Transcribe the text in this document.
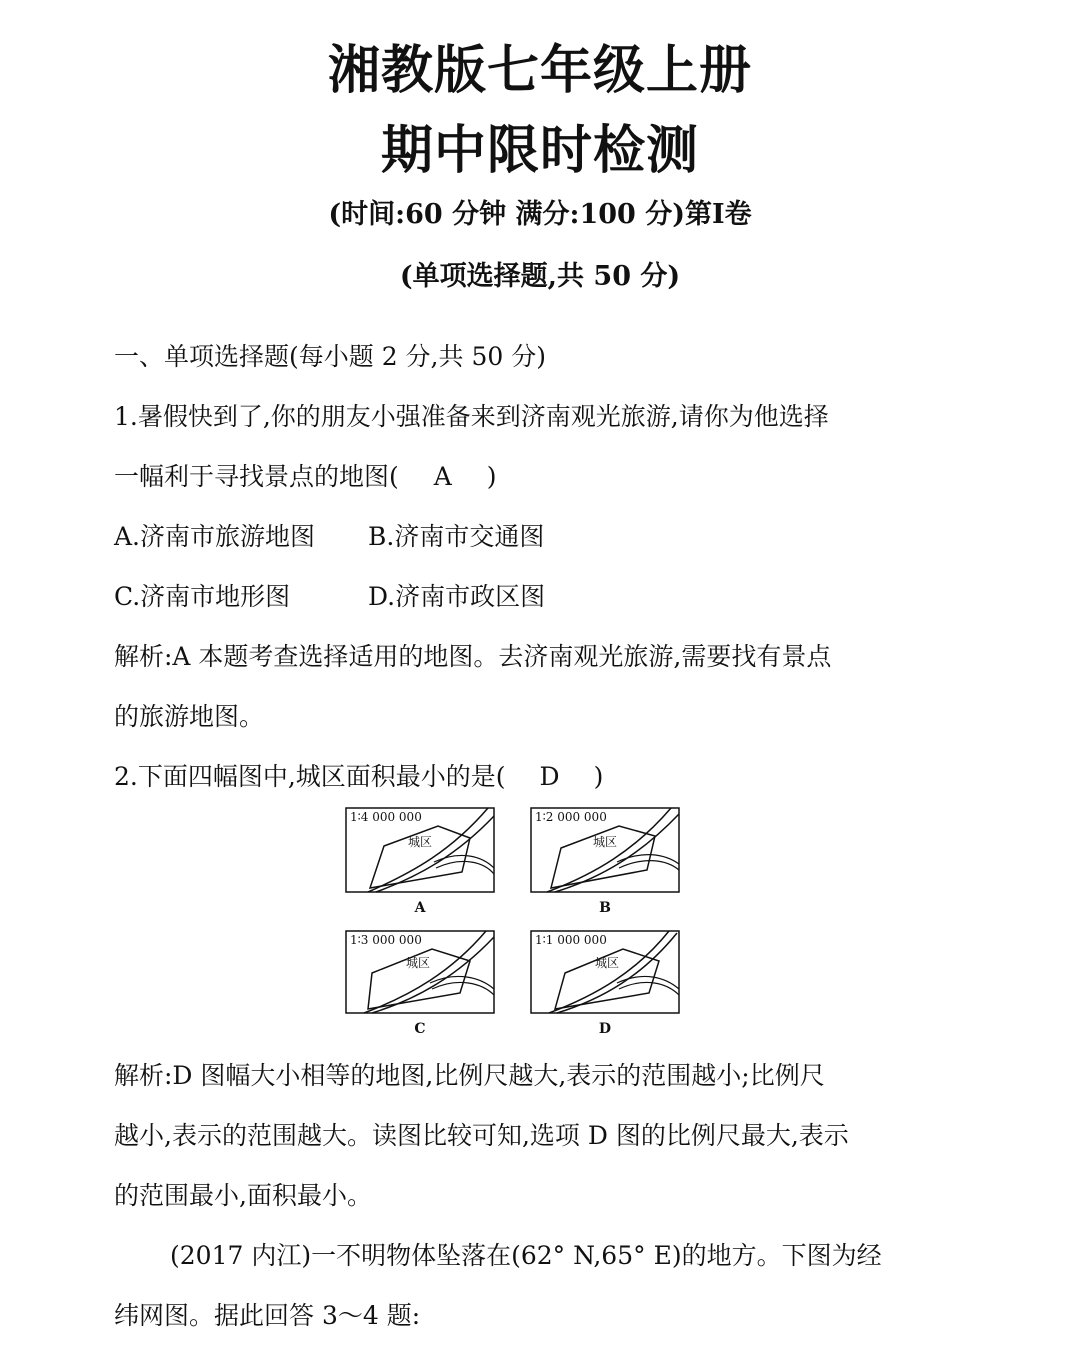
湘教版七年级上册
期中限时检测

(时间:60 分钟 满分:100 分)第Ⅰ卷

(单项选择题,共 50 分)

一、单项选择题(每小题 2 分,共 50 分)

1.暑假快到了,你的朋友小强准备来到济南观光旅游,请你为他选择

一幅利于寻找景点的地图( A )

A.济南市旅游地图 B.济南市交通图

C.济南市地形图	D.济南市政区图

解析:A 本题考查选择适用的地图。去济南观光旅游,需要找有景点

的旅游地图。

2.下面四幅图中,城区面积最小的是( D )

1∶4 000 000
城区
A
1∶2 000 000
城区
B
1∶3 000 000
城区
C
1∶1 000 000
城区
D

解析:D 图幅大小相等的地图,比例尺越大,表示的范围越小;比例尺

越小,表示的范围越大。读图比较可知,选项 D 图的比例尺最大,表示

的范围最小,面积最小。

(2017 内江)一不明物体坠落在(62° N,65° E)的地方。下图为经

纬网图。据此回答 3～4 题:
